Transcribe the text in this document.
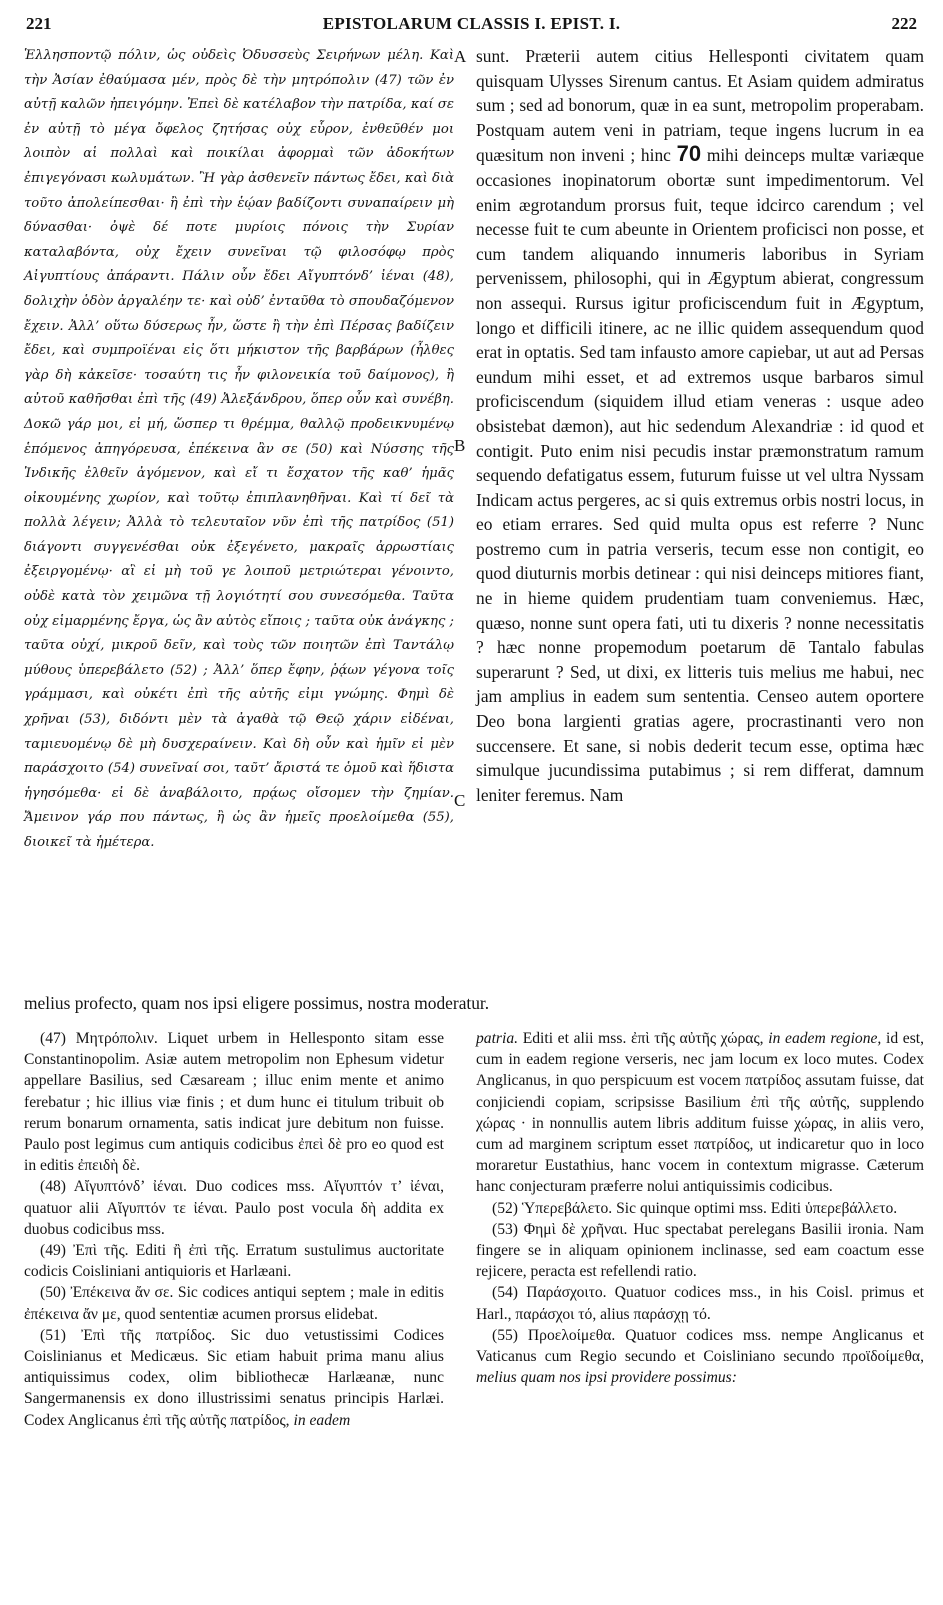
221	EPISTOLARUM CLASSIS I. EPIST. I.	222
Ἑλλησποντῷ πόλιν, ὡς οὐδεὶς Ὀδυσσεὺς Σειρήνων μέλη. Καὶ τὴν Ἀσίαν ἐθαύμασα μέν, πρὸς δὲ τὴν μητρόπολιν (47) τῶν ἐν αὐτῇ καλῶν ἠπειγόμην. Ἐπεὶ δὲ κατέλαβον τὴν πατρίδα, καί σε ἐν αὐτῇ τὸ μέγα ὄφελος ζητήσας οὐχ εὗρον, ἐνθεῦθέν μοι λοιπὸν αἱ πολλαὶ καὶ ποικίλαι ἀφορμαὶ τῶν ἀδοκήτων ἐπιγεγόνασι κωλυμάτων. Ἢ γὰρ ἀσθενεῖν πάντως ἔδει, καὶ διὰ τοῦτο ἀπολείπεσθαι· ἢ ἐπὶ τὴν ἑῴαν βαδίζοντι συναπαίρειν μὴ δύνασθαι· ὀψὲ δέ ποτε μυρίοις πόνοις τὴν Συρίαν καταλαβόντα, οὐχ ἔχειν συνεῖναι τῷ φιλοσόφῳ πρὸς Αἰγυπτίους ἀπάραντι. Πάλιν οὖν ἔδει Αἴγυπτόνδ’ ἰέναι (48), δολιχὴν ὁδὸν ἀργαλέην τε· καὶ οὐδ’ ἐνταῦθα τὸ σπουδαζόμενον ἔχειν. Ἀλλ’ οὕτω δύσερως ἦν, ὥστε ἢ τὴν ἐπὶ Πέρσας βαδίζειν ἔδει, καὶ συμπροϊέναι εἰς ὅτι μήκιστον τῆς βαρβάρων (ἦλθες γὰρ δὴ κἀκεῖσε· τοσαύτη τις ἦν φιλονεικία τοῦ δαίμονος), ἢ αὐτοῦ καθῆσθαι ἐπὶ τῆς (49) Ἀλεξάνδρου, ὅπερ οὖν καὶ συνέβη. Δοκῶ γάρ μοι, εἰ μή, ὥσπερ τι θρέμμα, θαλλῷ προδεικνυμένῳ ἑπόμενος ἀπηγόρευσα, ἐπέκεινα ἂν σε (50) καὶ Νύσσης τῆς Ἰνδικῆς ἐλθεῖν ἀγόμενον, καὶ εἴ τι ἔσχατον τῆς καθ’ ἡμᾶς οἰκουμένης χωρίον, καὶ τοῦτῳ ἐπιπλανηθῆναι. Καὶ τί δεῖ τὰ πολλὰ λέγειν; Ἀλλὰ τὸ τελευταῖον νῦν ἐπὶ τῆς πατρίδος (51) διάγοντι συγγενέσθαι οὐκ ἐξεγένετο, μακραῖς ἀρρωστίαις ἐξειργομένῳ· αἳ εἰ μὴ τοῦ γε λοιποῦ μετριώτεραι γένοιντο, οὐδὲ κατὰ τὸν χειμῶνα τῇ λογιότητί σου συνεσόμεθα. Ταῦτα οὐχ εἱμαρμένης ἔργα, ὡς ἂν αὐτὸς εἴποις ; ταῦτα οὐκ ἀνάγκης ; ταῦτα οὐχί, μικροῦ δεῖν, καὶ τοὺς τῶν ποιητῶν ἐπὶ Ταντάλῳ μύθους ὑπερεβάλετο (52) ; Ἀλλ’ ὅπερ ἔφην, ῥᾴων γέγονα τοῖς γράμμασι, καὶ οὐκέτι ἐπὶ τῆς αὐτῆς εἰμι γνώμης. Φημὶ δὲ χρῆναι (53), διδόντι μὲν τὰ ἀγαθὰ τῷ Θεῷ χάριν εἰδέναι, ταμιευομένῳ δὲ μὴ δυσχεραίνειν. Καὶ δὴ οὖν καὶ ἡμῖν εἰ μὲν παράσχοιτο (54) συνεῖναί σοι, ταῦτ’ ἄριστά τε ὁμοῦ καὶ ἥδιστα ἡγησόμεθα· εἰ δὲ ἀναβάλοιτο, πρᾴως οἴσομεν τὴν ζημίαν. Ἄμεινον γάρ που πάντως, ἢ ὡς ἂν ἡμεῖς προελοίμεθα (55), διοικεῖ τὰ ἡμέτερα.
A
B
C
sunt. Præterii autem citius Hellesponti civitatem quam quisquam Ulysses Sirenum cantus. Et Asiam quidem admiratus sum ; sed ad bonorum, quæ in ea sunt, metropolim properabam. Postquam autem veni in patriam, teque ingens lucrum in ea quæsitum non inveni ; hinc 70 mihi deinceps multæ variæque occasiones inopinatorum obortæ sunt impedimentorum. Vel enim ægrotandum prorsus fuit, teque idcirco carendum ; vel necesse fuit te cum abeunte in Orientem proficisci non posse, et cum tandem aliquando innumeris laboribus in Syriam pervenissem, philosophi, qui in Ægyptum abierat, congressum non assequi. Rursus igitur proficiscendum fuit in Ægyptum, longo et difficili itinere, ac ne illic quidem assequendum quod erat in optatis. Sed tam infausto amore capiebar, ut aut ad Persas eundum mihi esset, et ad extremos usque barbaros simul proficiscendum (siquidem illud etiam veneras : usque adeo obsistebat dæmon), aut hic sedendum Alexandriæ : id quod et contigit. Puto enim nisi pecudis instar præmonstratum ramum sequendo defatigatus essem, futurum fuisse ut vel ultra Nyssam Indicam actus pergeres, ac si quis extremus orbis nostri locus, in eo etiam errares. Sed quid multa opus est referre ? Nunc postremo cum in patria verseris, tecum esse non contigit, eo quod diuturnis morbis detinear : qui nisi deinceps mitiores fiant, ne in hieme quidem prudentiam tuam conveniemus. Hæc, quæso, nonne sunt opera fati, uti tu dixeris ? nonne necessitatis ? hæc nonne propemodum poetarum dē Tantalo fabulas superarunt ? Sed, ut dixi, ex litteris tuis melius me habui, nec jam amplius in eadem sum sententia. Censeo autem oportere Deo bona largienti gratias agere, procrastinanti vero non succensere. Et sane, si nobis dederit tecum esse, optima hæc simulque jucundissima putabimus ; si rem differat, damnum leniter feremus. Nam
melius profecto, quam nos ipsi eligere possimus, nostra moderatur.

(47) Μητρόπολιν. Liquet urbem in Hellesponto sitam esse Constantinopolim. Asiæ autem metropolim non Ephesum videtur appellare Basilius, sed Cæsaream ; illuc enim mente et animo ferebatur ; hic illius viæ finis ; et dum hunc ei titulum tribuit ob rerum bonarum ornamenta, satis indicat jure debitum non fuisse. Paulo post legimus cum antiquis codicibus ἐπεὶ δὲ pro eo quod est in editis ἐπειδὴ δὲ.

(48) Αἴγυπτόνδ’ ἰέναι. Duo codices mss. Αἴγυπτόν τ’ ἰέναι, quatuor alii Αἴγυπτόν τε ἰέναι. Paulo post vocula δὴ addita ex duobus codicibus mss.

(49) Ἐπὶ τῆς. Editi ἢ ἐπὶ τῆς. Erratum sustulimus auctoritate codicis Coisliniani antiquioris et Harlæani.

(50) Ἐπέκεινα ἄν σε. Sic codices antiqui septem ; male in editis ἐπέκεινα ἄν με, quod sententiæ acumen prorsus elidebat.

(51) Ἐπὶ τῆς πατρίδος. Sic duo vetustissimi Codices Coislinianus et Medicæus. Sic etiam habuit prima manu alius antiquissimus codex, olim bibliothecæ Harlæanæ, nunc Sangermanensis ex dono illustrissimi senatus principis Harlæi. Codex Anglicanus ἐπὶ τῆς αὐτῆς πατρίδος, in eadem

patria. Editi et alii mss. ἐπὶ τῆς αὐτῆς χώρας, in eadem regione, id est, cum in eadem regione verseris, nec jam locum ex loco mutes. Codex Anglicanus, in quo perspicuum est vocem πατρίδος assutam fuisse, dat conjiciendi copiam, scripsisse Basilium ἐπὶ τῆς αὐτῆς, supplendo χώρας · in nonnullis autem libris additum fuisse χώρας, in aliis vero, cum ad marginem scriptum esset πατρίδος, ut indicaretur quo in loco moraretur Eustathius, hanc vocem in contextum migrasse. Cæterum hanc conjecturam præferre nolui antiquissimis codicibus.

(52) Ὑπερεβάλετο. Sic quinque optimi mss. Editi ὑπερεβάλλετο.

(53) Φημὶ δὲ χρῆναι. Huc spectabat perelegans Basilii ironia. Nam fingere se in aliquam opinionem inclinasse, sed eam coactum esse rejicere, peracta est refellendi ratio.

(54) Παράσχοιτο. Quatuor codices mss., in his Coisl. primus et Harl., παράσχοι τό, alius παράσχῃ τό.

(55) Προελοίμεθα. Quatuor codices mss. nempe Anglicanus et Vaticanus cum Regio secundo et Coisliniano secundo προϊδοίμεθα, melius quam nos ipsi providere possimus:
